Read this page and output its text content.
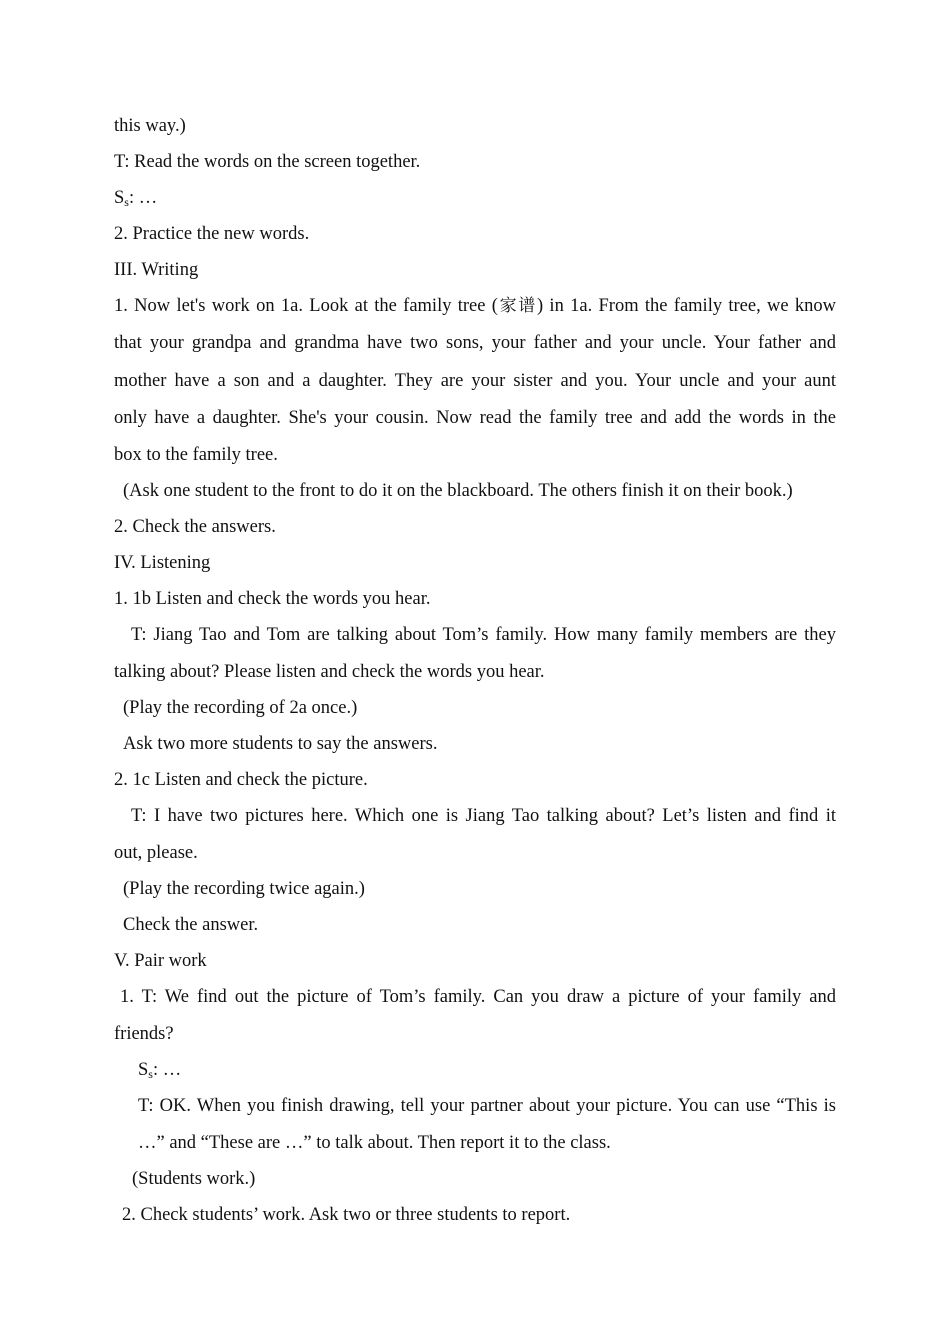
this way.)
T: Read the words on the screen together.
$S_s$: …
2. Practice the new words.
III. Writing
1. Now let's work on 1a. Look at the family tree (家谱) in 1a. From the family tree, we know
that your grandpa and grandma have two sons, your father and your uncle. Your father and
mother have a son and a daughter. They are your sister and you. Your uncle and your aunt
only have a daughter. She's your cousin. Now read the family tree and add the words in the
box to the family tree.
(Ask one student to the front to do it on the blackboard. The others finish it on their book.)
2. Check the answers.
IV. Listening
1. 1b Listen and check the words you hear.
T: Jiang Tao and Tom are talking about Tom’s family. How many family members are they
talking about? Please listen and check the words you hear.
(Play the recording of 2a once.)
Ask two more students to say the answers.
2. 1c Listen and check the picture.
T: I have two pictures here. Which one is Jiang Tao talking about? Let’s listen and find it
out, please.
(Play the recording twice again.)
Check the answer.
V. Pair work
1. T: We find out the picture of Tom’s family. Can you draw a picture of your family and
friends?
$S_s$: …
T: OK. When you finish drawing, tell your partner about your picture. You can use “This is
…” and “These are …” to talk about. Then report it to the class.
(Students work.)
2. Check students’ work. Ask two or three students to report.
